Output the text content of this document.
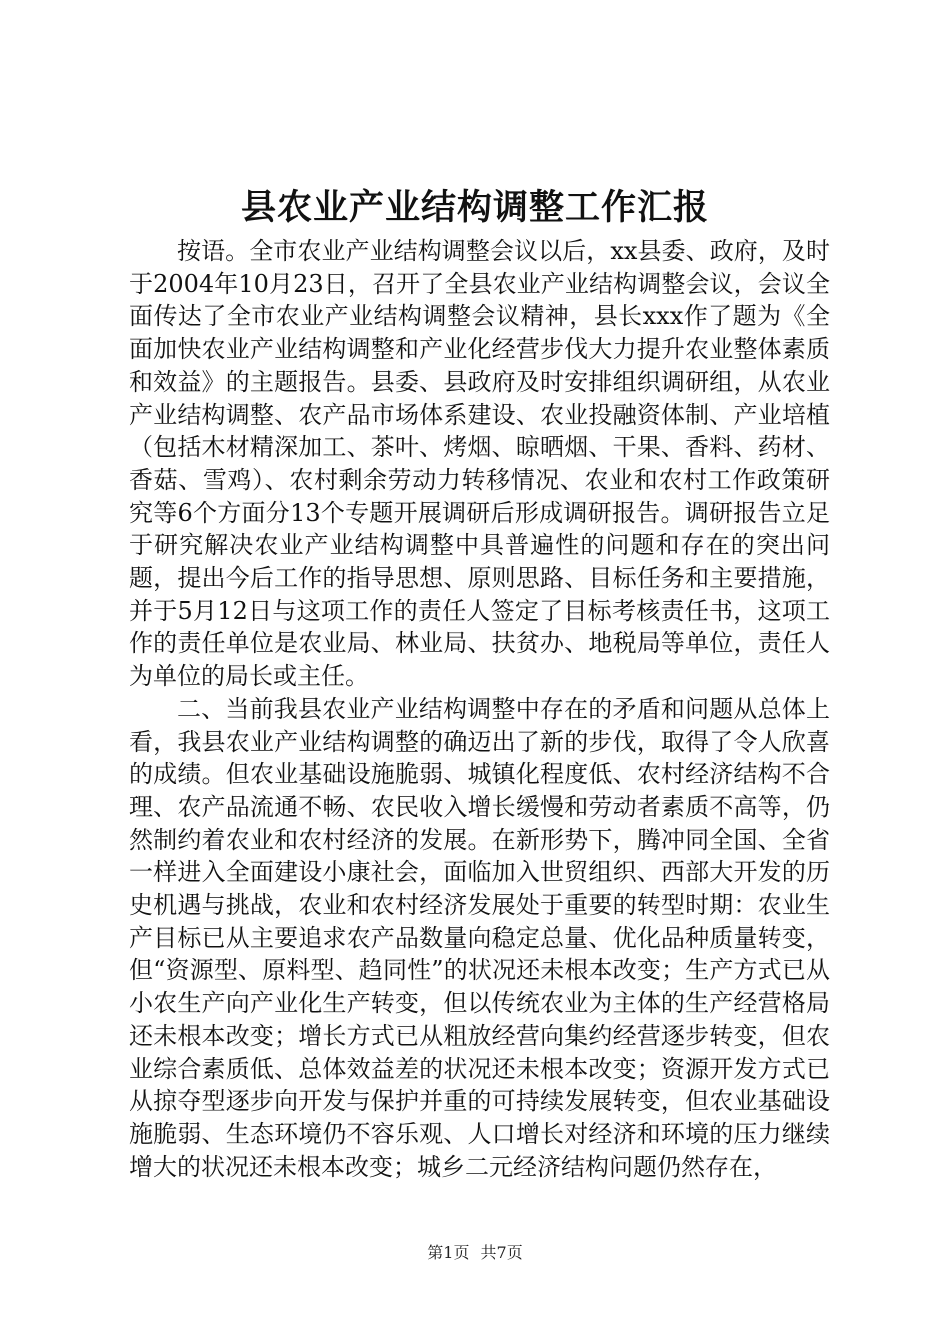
县农业产业结构调整工作汇报

按语。全市农业产业结构调整会议以后，xx县委、政府，及时于2004年10月23日，召开了全县农业产业结构调整会议，会议全面传达了全市农业产业结构调整会议精神，县长xxx作了题为《全面加快农业产业结构调整和产业化经营步伐大力提升农业整体素质和效益》的主题报告。县委、县政府及时安排组织调研组，从农业产业结构调整、农产品市场体系建设、农业投融资体制、产业培植（包括木材精深加工、茶叶、烤烟、晾晒烟、干果、香料、药材、香菇、雪鸡）、农村剩余劳动力转移情况、农业和农村工作政策研究等6个方面分13个专题开展调研后形成调研报告。调研报告立足于研究解决农业产业结构调整中具普遍性的问题和存在的突出问题，提出今后工作的指导思想、原则思路、目标任务和主要措施，并于5月12日与这项工作的责任人签定了目标考核责任书，这项工作的责任单位是农业局、林业局、扶贫办、地税局等单位，责任人为单位的局长或主任。

二、当前我县农业产业结构调整中存在的矛盾和问题从总体上看，我县农业产业结构调整的确迈出了新的步伐，取得了令人欣喜的成绩。但农业基础设施脆弱、城镇化程度低、农村经济结构不合理、农产品流通不畅、农民收入增长缓慢和劳动者素质不高等，仍然制约着农业和农村经济的发展。在新形势下，腾冲同全国、全省一样进入全面建设小康社会，面临加入世贸组织、西部大开发的历史机遇与挑战，农业和农村经济发展处于重要的转型时期：农业生产目标已从主要追求农产品数量向稳定总量、优化品种质量转变，但“资源型、原料型、趋同性”的状况还未根本改变；生产方式已从小农生产向产业化生产转变，但以传统农业为主体的生产经营格局还未根本改变；增长方式已从粗放经营向集约经营逐步转变，但农业综合素质低、总体效益差的状况还未根本改变；资源开发方式已从掠夺型逐步向开发与保护并重的可持续发展转变，但农业基础设施脆弱、生态环境仍不容乐观、人口增长对经济和环境的压力继续增大的状况还未根本改变；城乡二元经济结构问题仍然存在，

第1页 共7页
